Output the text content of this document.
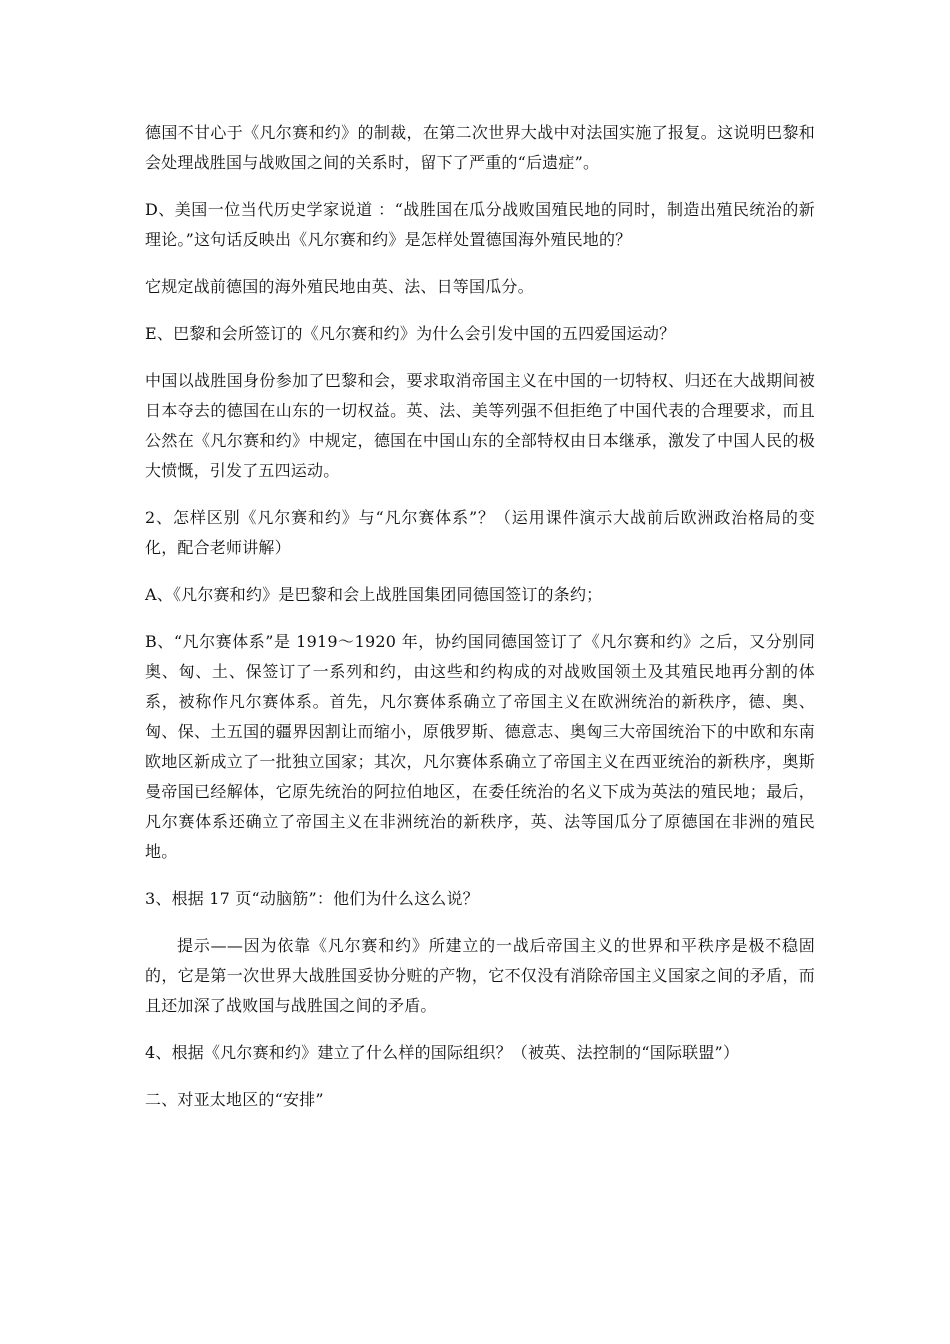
德国不甘心于《凡尔赛和约》的制裁，在第二次世界大战中对法国实施了报复。这说明巴黎和会处理战胜国与战败国之间的关系时，留下了严重的“后遗症”。

D、美国一位当代历史学家说道 ：“战胜国在瓜分战败国殖民地的同时，制造出殖民统治的新理论。”这句话反映出《凡尔赛和约》是怎样处置德国海外殖民地的？

它规定战前德国的海外殖民地由英、法、日等国瓜分。

E、巴黎和会所签订的《凡尔赛和约》为什么会引发中国的五四爱国运动？

中国以战胜国身份参加了巴黎和会，要求取消帝国主义在中国的一切特权、归还在大战期间被日本夺去的德国在山东的一切权益。英、法、美等列强不但拒绝了中国代表的合理要求，而且公然在《凡尔赛和约》中规定，德国在中国山东的全部特权由日本继承，激发了中国人民的极大愤慨，引发了五四运动。

2、怎样区别《凡尔赛和约》与“凡尔赛体系”？（运用课件演示大战前后欧洲政治格局的变化，配合老师讲解）

A、《凡尔赛和约》是巴黎和会上战胜国集团同德国签订的条约；

B、“凡尔赛体系”是 1919～1920 年，协约国同德国签订了《凡尔赛和约》之后，又分别同奥、匈、土、保签订了一系列和约，由这些和约构成的对战败国领土及其殖民地再分割的体系，被称作凡尔赛体系。首先，凡尔赛体系确立了帝国主义在欧洲统治的新秩序，德、奥、匈、保、土五国的疆界因割让而缩小，原俄罗斯、德意志、奥匈三大帝国统治下的中欧和东南欧地区新成立了一批独立国家；其次，凡尔赛体系确立了帝国主义在西亚统治的新秩序，奥斯曼帝国已经解体，它原先统治的阿拉伯地区，在委任统治的名义下成为英法的殖民地；最后，凡尔赛体系还确立了帝国主义在非洲统治的新秩序，英、法等国瓜分了原德国在非洲的殖民地。

3、根据 17 页“动脑筋”：他们为什么这么说？

提示——因为依靠《凡尔赛和约》所建立的一战后帝国主义的世界和平秩序是极不稳固的，它是第一次世界大战胜国妥协分赃的产物，它不仅没有消除帝国主义国家之间的矛盾，而且还加深了战败国与战胜国之间的矛盾。

4、根据《凡尔赛和约》建立了什么样的国际组织？（被英、法控制的“国际联盟”）

二、对亚太地区的“安排”
